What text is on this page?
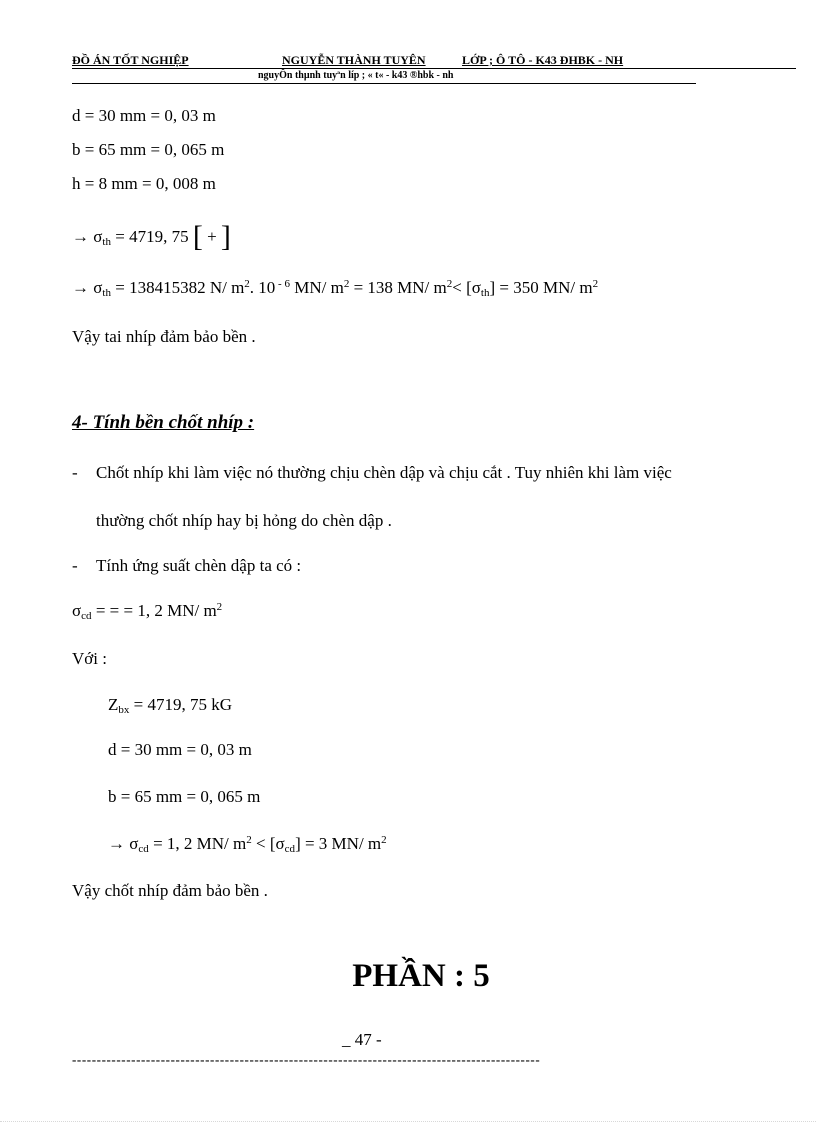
ĐỒ ÁN TỐT NGHIỆP	NGUYỄN THÀNH TUYÊN	LỚP ; Ô TÔ - K43 ĐHBK - NH
nguyÔn thµnh tuyªn líp ; « t« - k43 ®hbk - nh
d = 30 mm = 0, 03 m
b = 65 mm = 0, 065 m
h = 8 mm = 0, 008 m
→ $\sigma_{th} = 4719$, 75 [ + ]
→ $\sigma_{th} = 138415382$ N/ $m^2$. 10 $^{- 6}$ MN/ $m^2 = 138$ MN/ $m^2< [\sigma_{th}] = 350$ MN/ $m^2$
Vậy tai nhíp đảm bảo bền .
4- Tính bền chốt nhíp :
- Chốt nhíp khi làm việc nó thường chịu chèn dập và chịu cắt . Tuy nhiên khi làm việc
thường chốt nhíp hay bị hỏng do chèn dập .
- Tính ứng suất chèn dập ta có :
$\sigma_{cd}$ = = = 1, 2 MN/ $m^2$
Với :
$Z_{bx} = 4719$, 75 kG
d = 30 mm = 0, 03 m
b = 65 mm = 0, 065 m
→ $\sigma_{cd} = 1$, 2 MN/ $m^2 < [\sigma_{cd}] = 3$ MN/ $m^2$
Vậy chốt nhíp đảm bảo bền .
PHẦN : 5
_ 47 -
-----------------------------------------------------------------------------------------------
